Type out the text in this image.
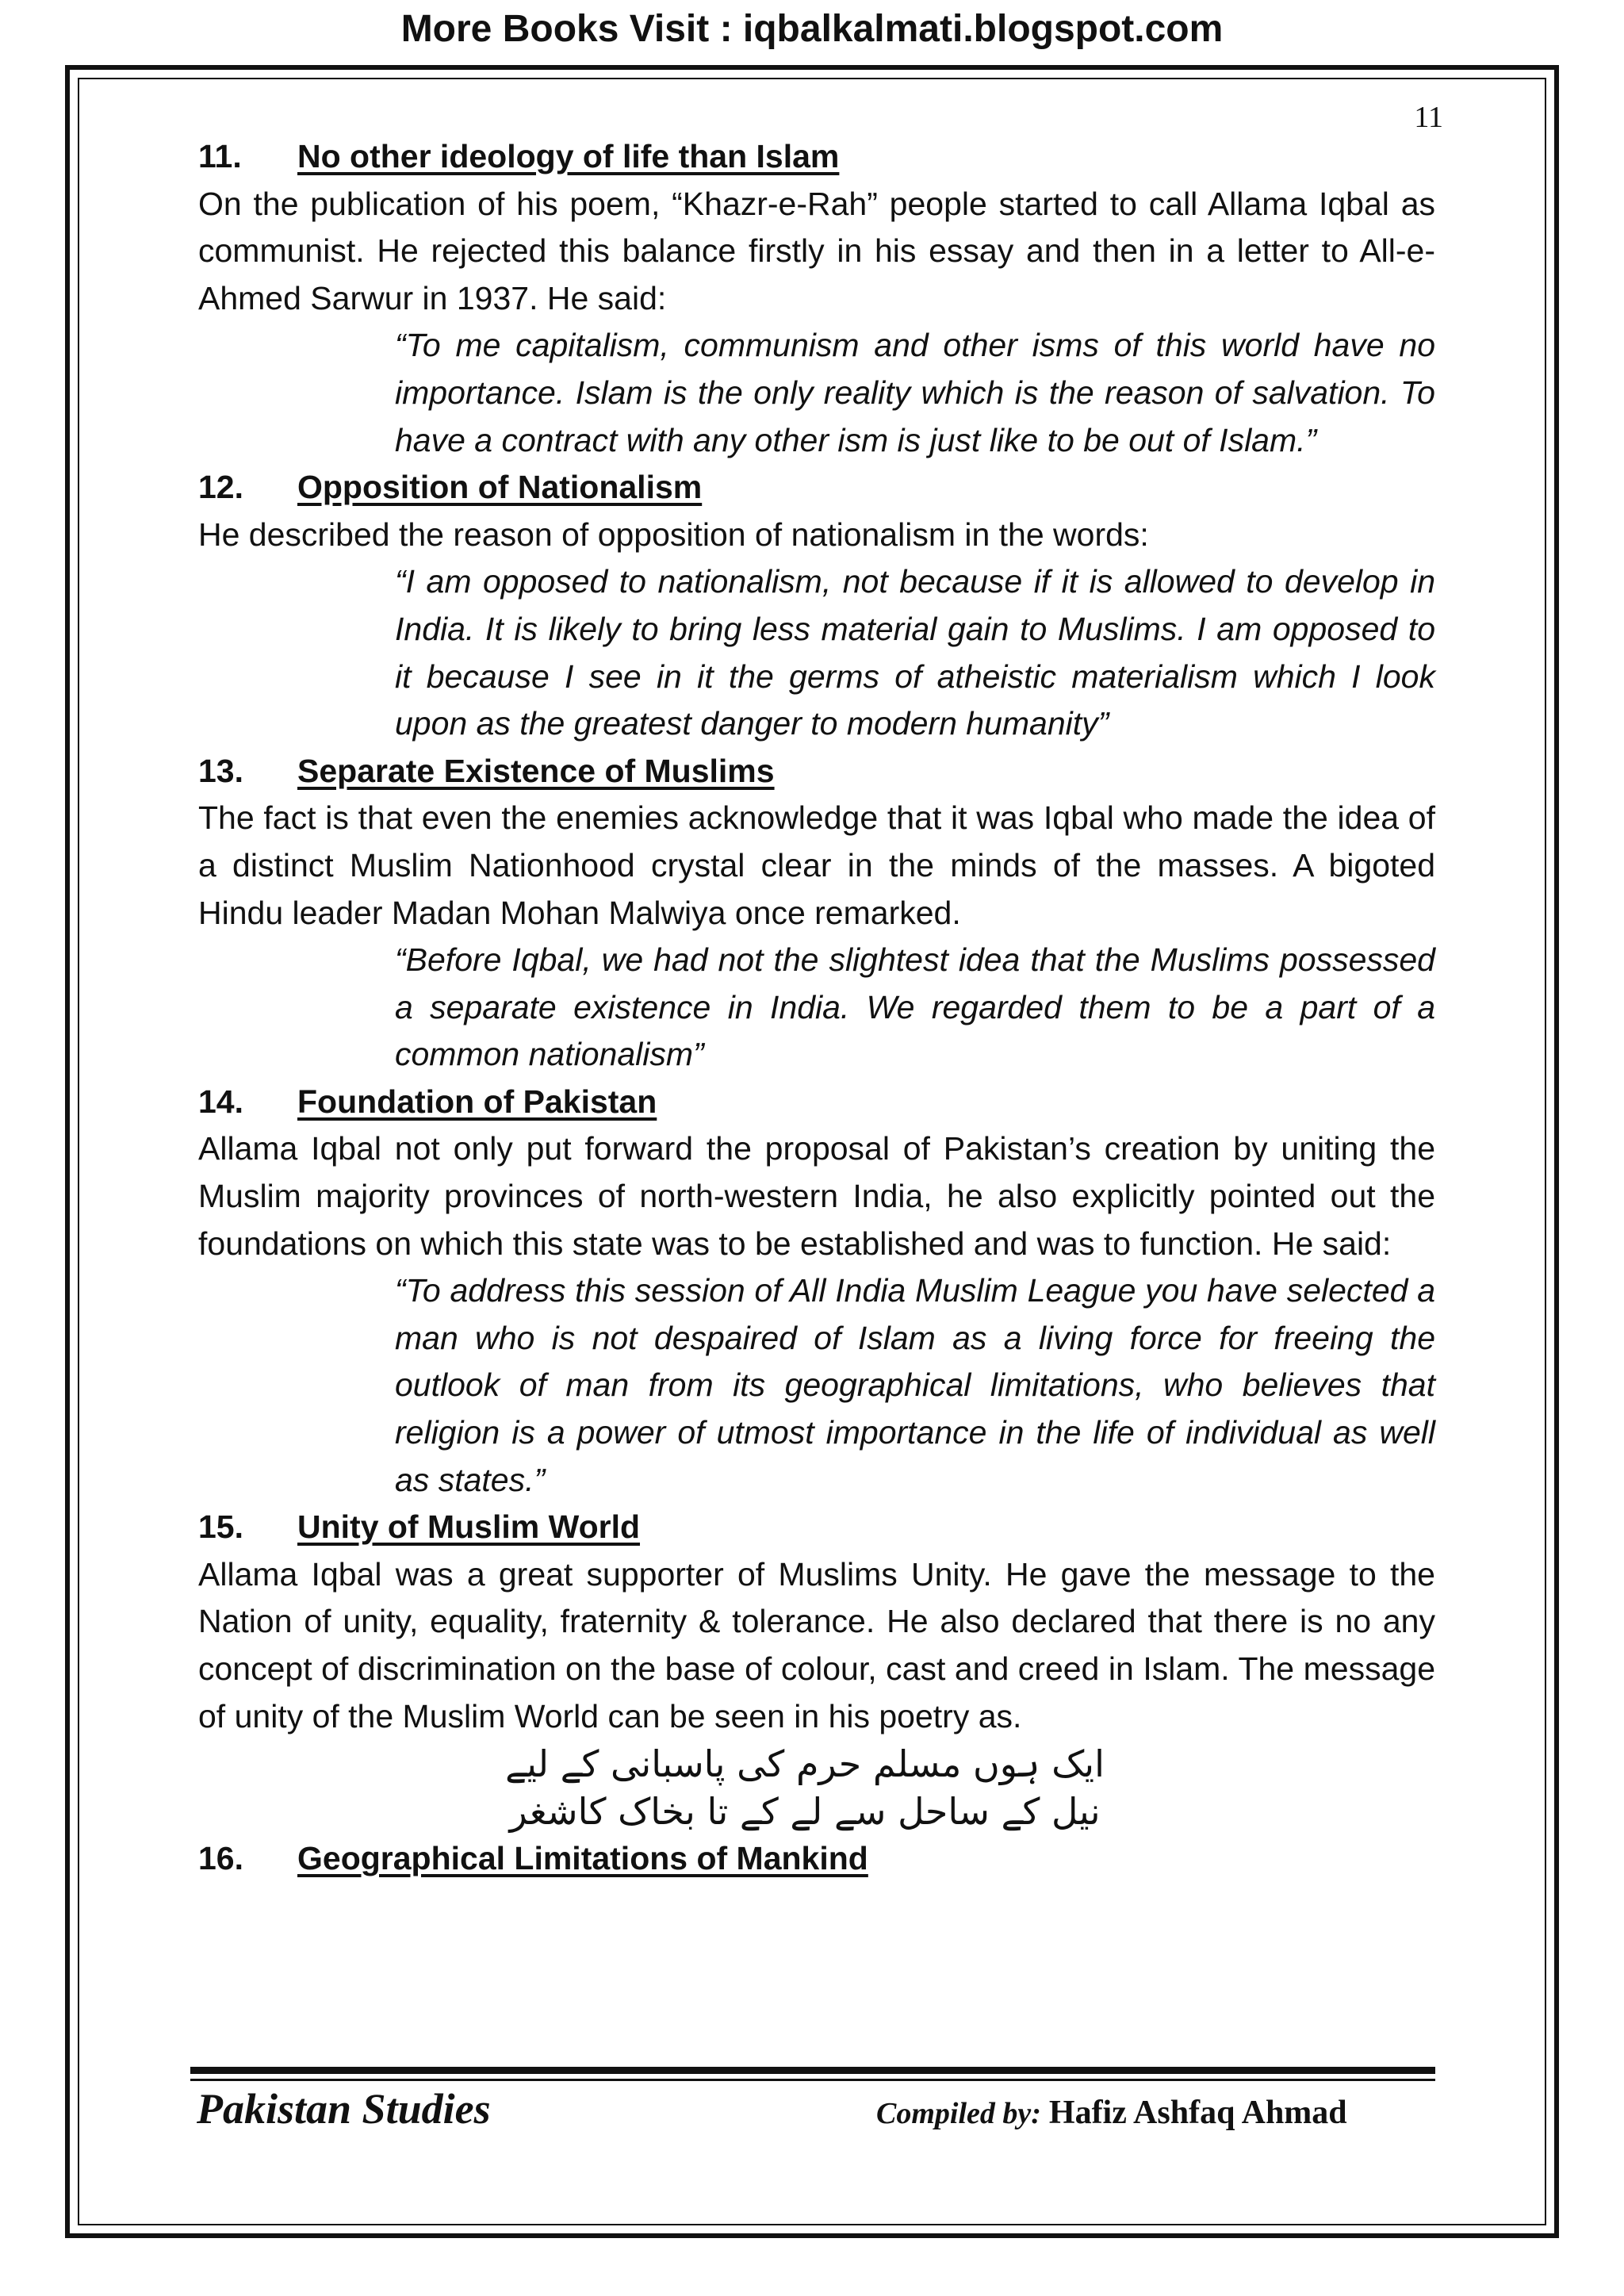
More Books Visit : iqbalkalmati.blogspot.com
11
11. No other ideology of life than Islam

On the publication of his poem, “Khazr-e-Rah” people started to call Allama Iqbal as communist. He rejected this balance firstly in his essay and then in a letter to All-e-Ahmed Sarwur in 1937. He said:

“To me capitalism, communism and other isms of this world have no importance. Islam is the only reality which is the reason of salvation. To have a contract with any other ism is just like to be out of Islam.”

12. Opposition of Nationalism

He described the reason of opposition of nationalism in the words:

“I am opposed to nationalism, not because if it is allowed to develop in India. It is likely to bring less material gain to Muslims. I am opposed to it because I see in it the germs of atheistic materialism which I look upon as the greatest danger to modern humanity”

13. Separate Existence of Muslims

The fact is that even the enemies acknowledge that it was Iqbal who made the idea of a distinct Muslim Nationhood crystal clear in the minds of the masses. A bigoted Hindu leader Madan Mohan Malwiya once remarked.

“Before Iqbal, we had not the slightest idea that the Muslims possessed a separate existence in India. We regarded them to be a part of a common nationalism”

14. Foundation of Pakistan

Allama Iqbal not only put forward the proposal of Pakistan’s creation by uniting the Muslim majority provinces of north-western India, he also explicitly pointed out the foundations on which this state was to be established and was to function. He said:

“To address this session of All India Muslim League you have selected a man who is not despaired of Islam as a living force for freeing the outlook of man from its geographical limitations, who believes that religion is a power of utmost importance in the life of individual as well as states.”

15. Unity of Muslim World

Allama Iqbal was a great supporter of Muslims Unity. He gave the message to the Nation of unity, equality, fraternity & tolerance. He also declared that there is no any concept of discrimination on the base of colour, cast and creed in Islam. The message of unity of the Muslim World can be seen in his poetry as.

ایک ہوں مسلم حرم کی پاسبانی کے لیے

نیل کے ساحل سے لے کے تا بخاک کاشغر

16. Geographical Limitations of Mankind
Pakistan Studies	Compiled by: Hafiz Ashfaq Ahmad
